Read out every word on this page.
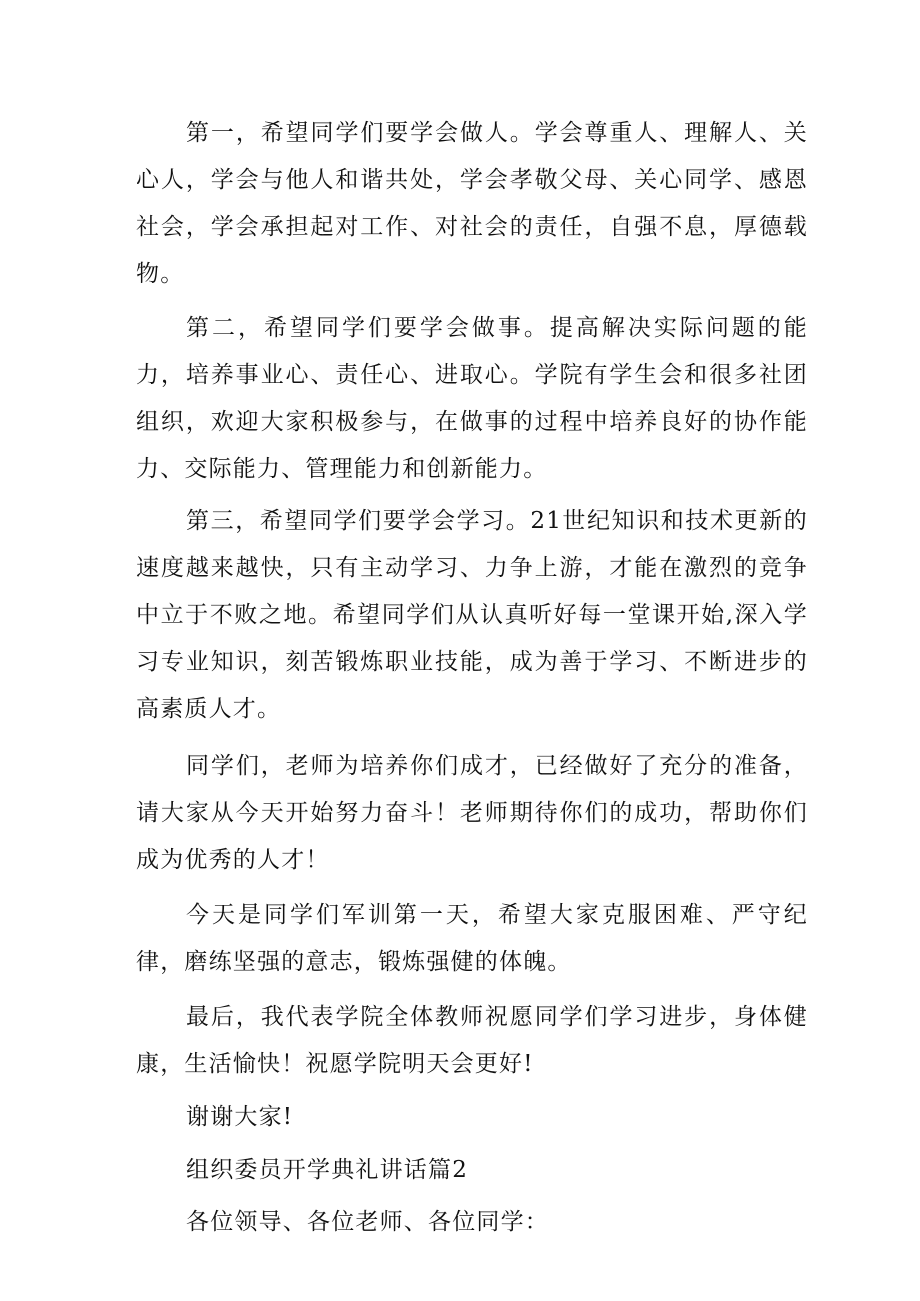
第一，希望同学们要学会做人。学会尊重人、理解人、关心人，学会与他人和谐共处，学会孝敬父母、关心同学、感恩社会，学会承担起对工作、对社会的责任，自强不息，厚德载物。

第二，希望同学们要学会做事。提高解决实际问题的能力，培养事业心、责任心、进取心。学院有学生会和很多社团组织，欢迎大家积极参与，在做事的过程中培养良好的协作能力、交际能力、管理能力和创新能力。

第三，希望同学们要学会学习。21世纪知识和技术更新的速度越来越快，只有主动学习、力争上游，才能在激烈的竞争中立于不败之地。希望同学们从认真听好每一堂课开始,深入学习专业知识，刻苦锻炼职业技能，成为善于学习、不断进步的高素质人才。

同学们，老师为培养你们成才，已经做好了充分的准备，请大家从今天开始努力奋斗！老师期待你们的成功，帮助你们成为优秀的人才！

今天是同学们军训第一天，希望大家克服困难、严守纪律，磨练坚强的意志，锻炼强健的体魄。

最后，我代表学院全体教师祝愿同学们学习进步，身体健康，生活愉快！祝愿学院明天会更好!

谢谢大家!

组织委员开学典礼讲话篇2

各位领导、各位老师、各位同学：
